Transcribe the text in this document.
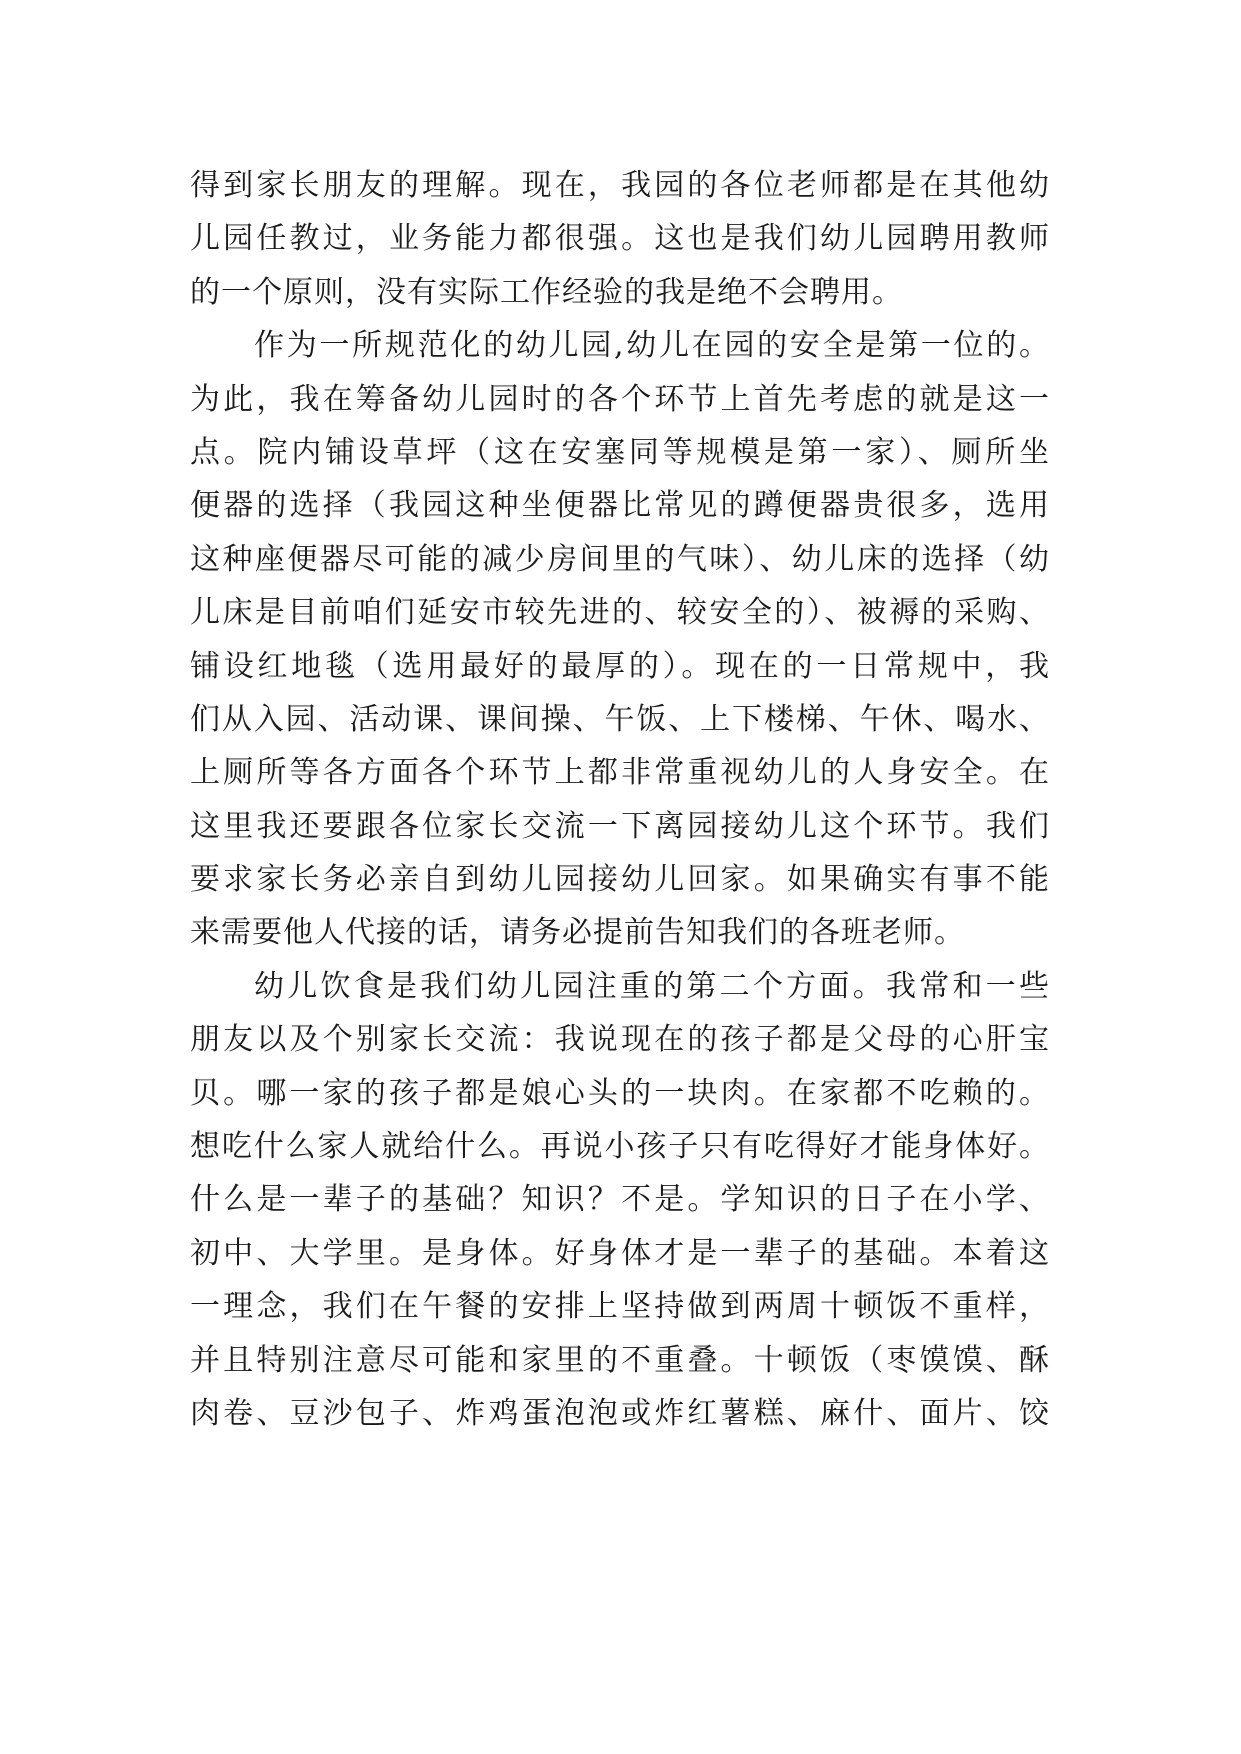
得到家长朋友的理解。现在，我园的各位老师都是在其他幼
儿园任教过，业务能力都很强。这也是我们幼儿园聘用教师
的一个原则，没有实际工作经验的我是绝不会聘用。
作为一所规范化的幼儿园,幼儿在园的安全是第一位的。
为此，我在筹备幼儿园时的各个环节上首先考虑的就是这一
点。院内铺设草坪（这在安塞同等规模是第一家）、厕所坐
便器的选择（我园这种坐便器比常见的蹲便器贵很多，选用
这种座便器尽可能的减少房间里的气味）、幼儿床的选择（幼
儿床是目前咱们延安市较先进的、较安全的）、被褥的采购、
铺设红地毯（选用最好的最厚的）。现在的一日常规中，我
们从入园、活动课、课间操、午饭、上下楼梯、午休、喝水、
上厕所等各方面各个环节上都非常重视幼儿的人身安全。在
这里我还要跟各位家长交流一下离园接幼儿这个环节。我们
要求家长务必亲自到幼儿园接幼儿回家。如果确实有事不能
来需要他人代接的话，请务必提前告知我们的各班老师。
幼儿饮食是我们幼儿园注重的第二个方面。我常和一些
朋友以及个别家长交流：我说现在的孩子都是父母的心肝宝
贝。哪一家的孩子都是娘心头的一块肉。在家都不吃赖的。
想吃什么家人就给什么。再说小孩子只有吃得好才能身体好。
什么是一辈子的基础？知识？不是。学知识的日子在小学、
初中、大学里。是身体。好身体才是一辈子的基础。本着这
一理念，我们在午餐的安排上坚持做到两周十顿饭不重样，
并且特别注意尽可能和家里的不重叠。十顿饭（枣馍馍、酥
肉卷、豆沙包子、炸鸡蛋泡泡或炸红薯糕、麻什、面片、饺
